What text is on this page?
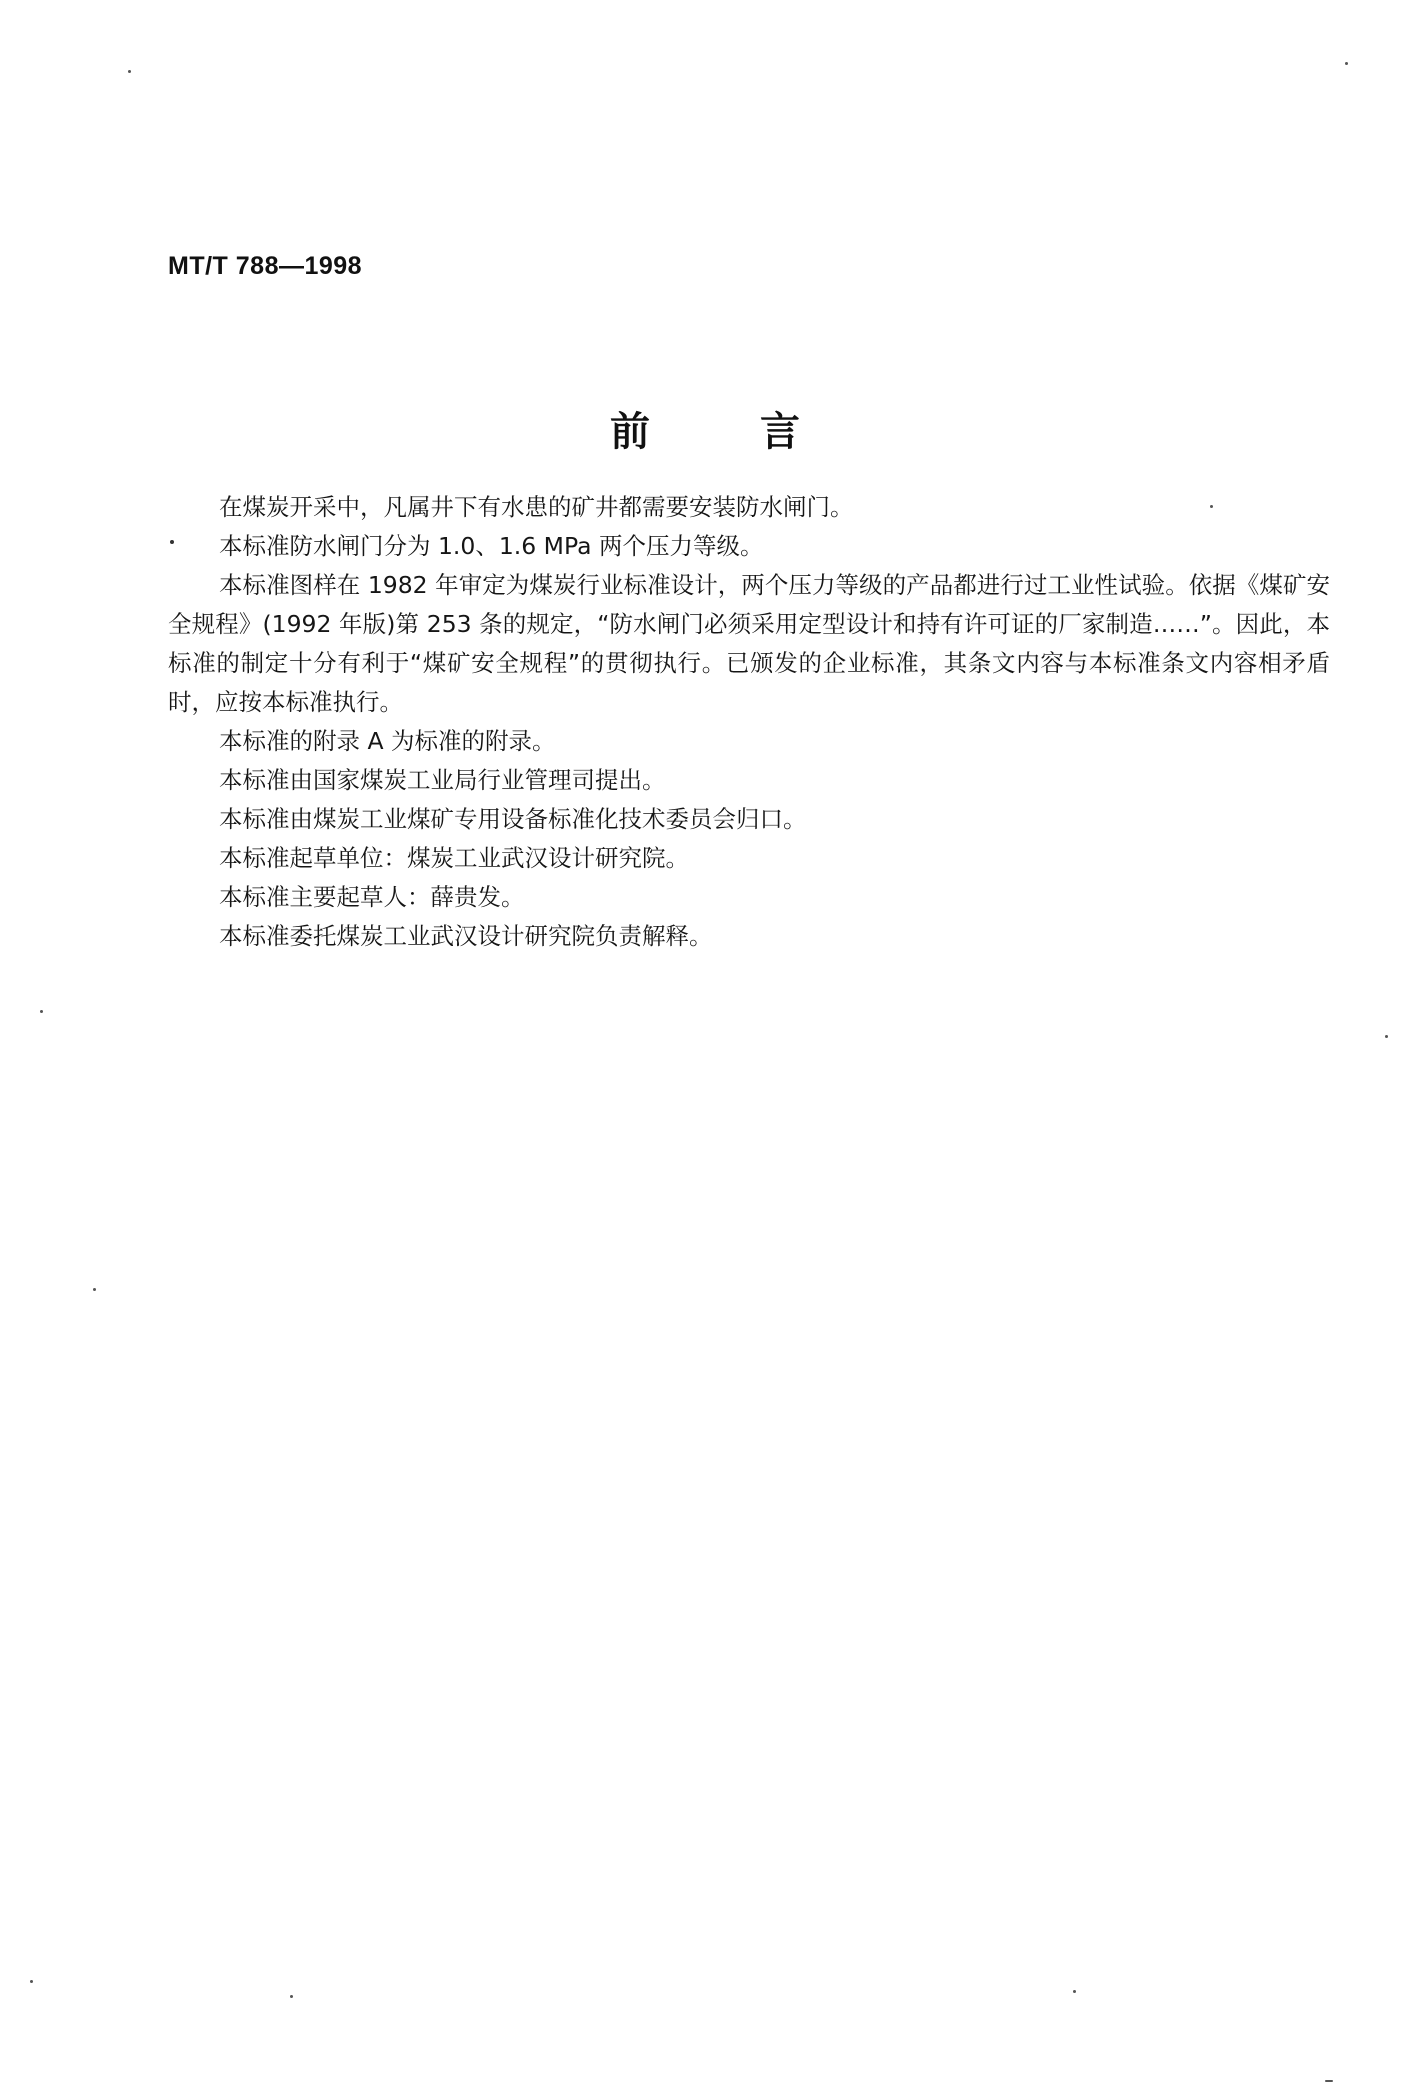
MT/T 788—1998
前言

在煤炭开采中，凡属井下有水患的矿井都需要安装防水闸门。

本标准防水闸门分为 1.0、1.6 MPa 两个压力等级。

本标准图样在 1982 年审定为煤炭行业标准设计，两个压力等级的产品都进行过工业性试验。依据《煤矿安全规程》(1992 年版)第 253 条的规定，“防水闸门必须采用定型设计和持有许可证的厂家制造……”。因此，本标准的制定十分有利于“煤矿安全规程”的贯彻执行。已颁发的企业标准，其条文内容与本标准条文内容相矛盾时，应按本标准执行。

本标准的附录 A 为标准的附录。

本标准由国家煤炭工业局行业管理司提出。

本标准由煤炭工业煤矿专用设备标准化技术委员会归口。

本标准起草单位：煤炭工业武汉设计研究院。

本标准主要起草人：薛贵发。

本标准委托煤炭工业武汉设计研究院负责解释。
